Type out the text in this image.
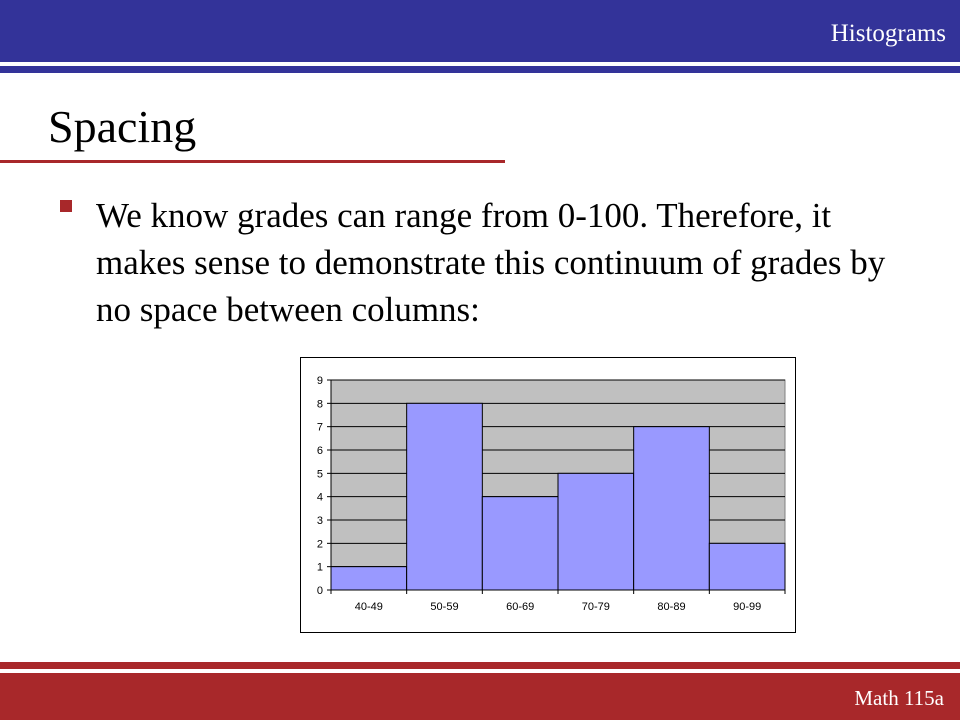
Histograms
Spacing
We know grades can range from 0-100. Therefore, it makes sense to demonstrate this continuum of grades by no space between columns:
0
1
2
3
4
5
6
7
8
9
40-49	50-59	60-69	70-79	80-89	90-99
Math 115a
